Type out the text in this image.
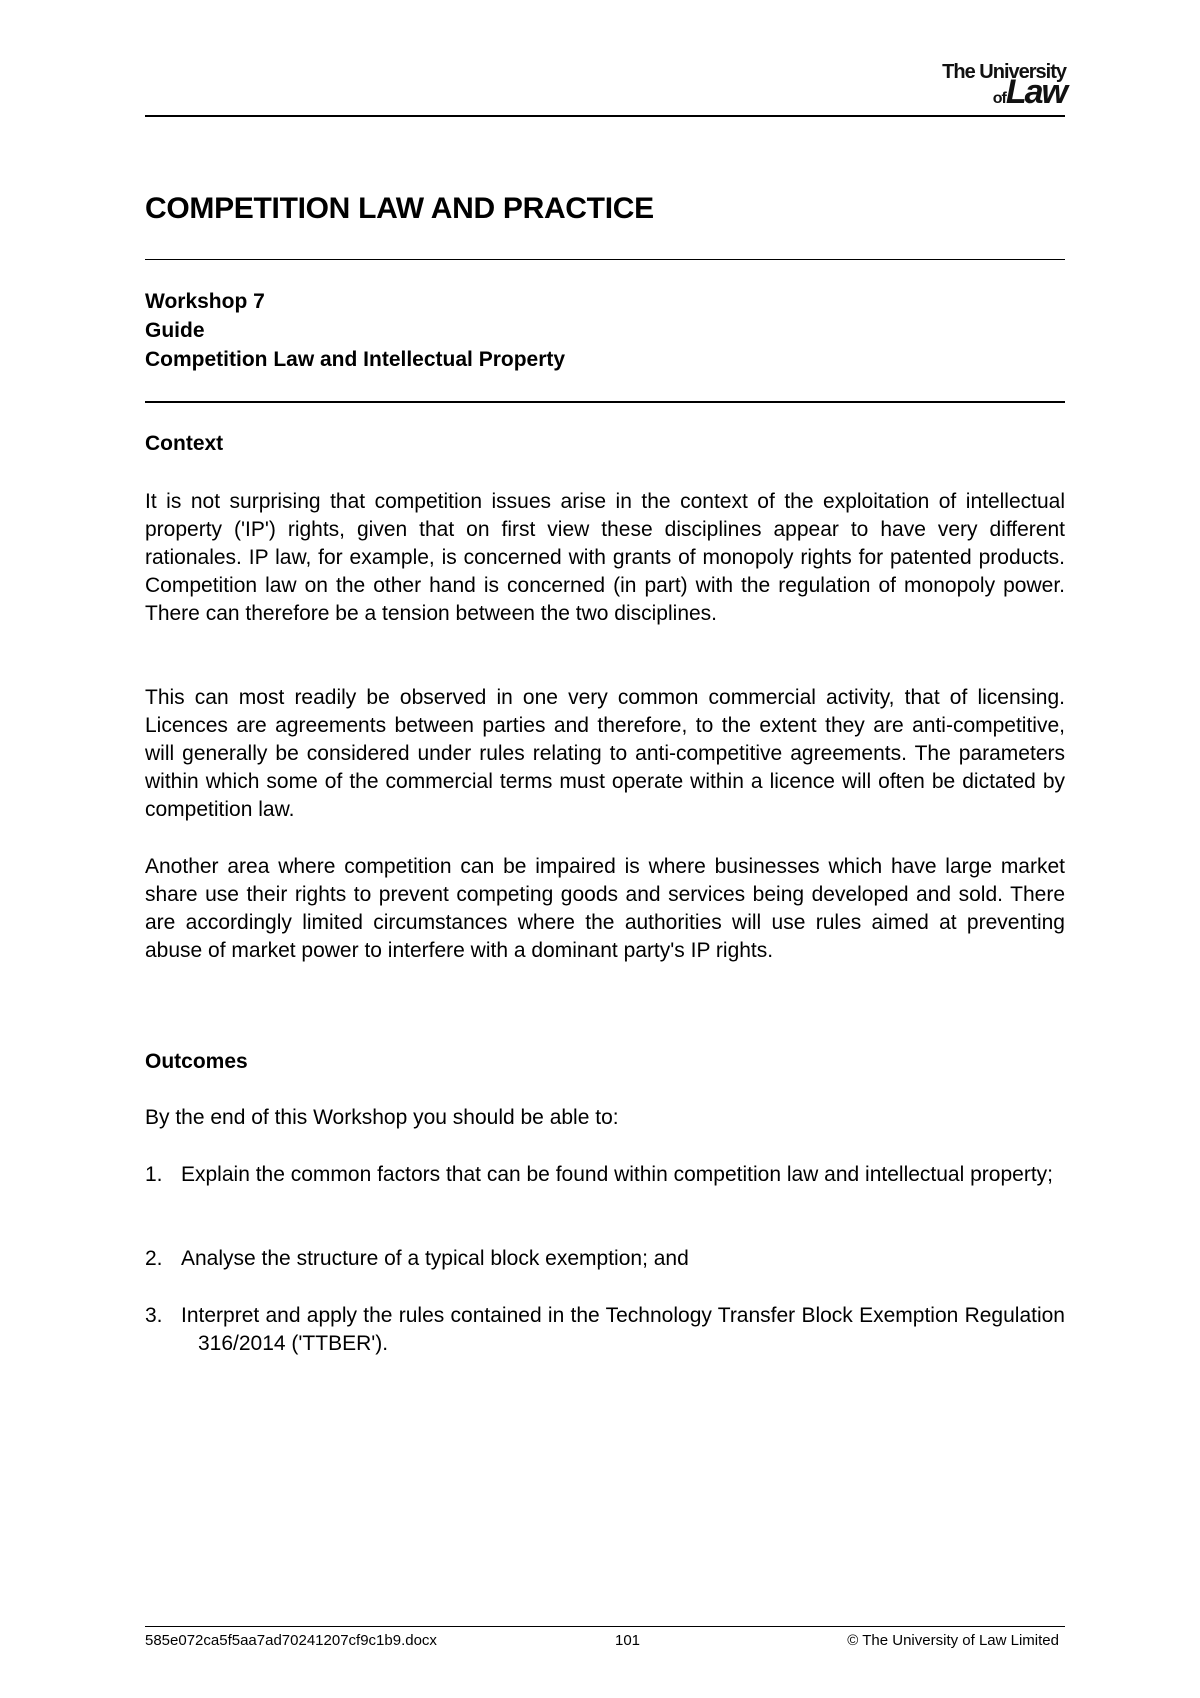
The University
ofLaw
COMPETITION LAW AND PRACTICE
Workshop 7
Guide
Competition Law and Intellectual Property
Context

It is not surprising that competition issues arise in the context of the exploitation of intellectual property ('IP') rights, given that on first view these disciplines appear to have very different rationales. IP law, for example, is concerned with grants of monopoly rights for patented products. Competition law on the other hand is concerned (in part) with the regulation of monopoly power. There can therefore be a tension between the two disciplines.

This can most readily be observed in one very common commercial activity, that of licensing. Licences are agreements between parties and therefore, to the extent they are anti-competitive, will generally be considered under rules relating to anti-competitive agreements. The parameters within which some of the commercial terms must operate within a licence will often be dictated by competition law.

Another area where competition can be impaired is where businesses which have large market share use their rights to prevent competing goods and services being developed and sold. There are accordingly limited circumstances where the authorities will use rules aimed at preventing abuse of market power to interfere with a dominant party's IP rights.

Outcomes

By the end of this Workshop you should be able to:

1. Explain the common factors that can be found within competition law and intellectual property;
2. Analyse the structure of a typical block exemption; and
3. Interpret and apply the rules contained in the Technology Transfer Block Exemption Regulation 316/2014 ('TTBER').
585e072ca5f5aa7ad70241207cf9c1b9.docx	101	© The University of Law Limited
